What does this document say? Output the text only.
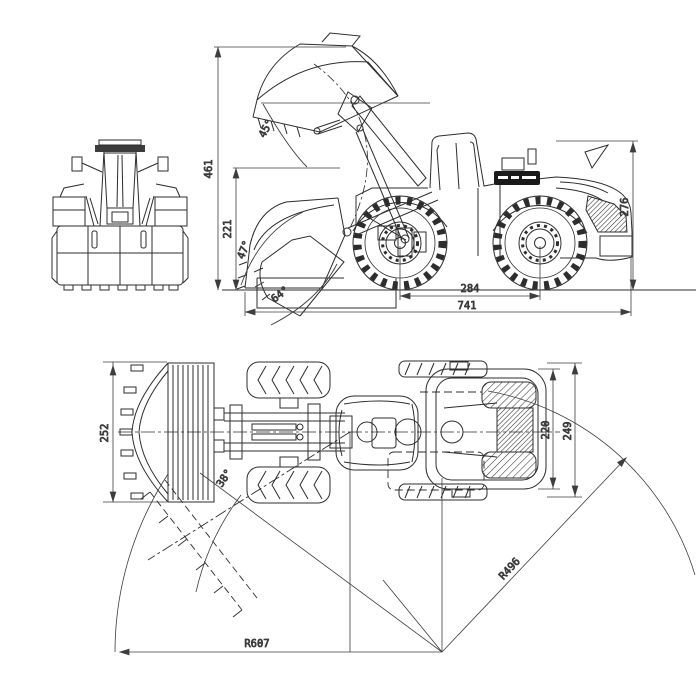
461
221
276
284
741
45°
47°
64°
252	220 249
38°
R496
R607
